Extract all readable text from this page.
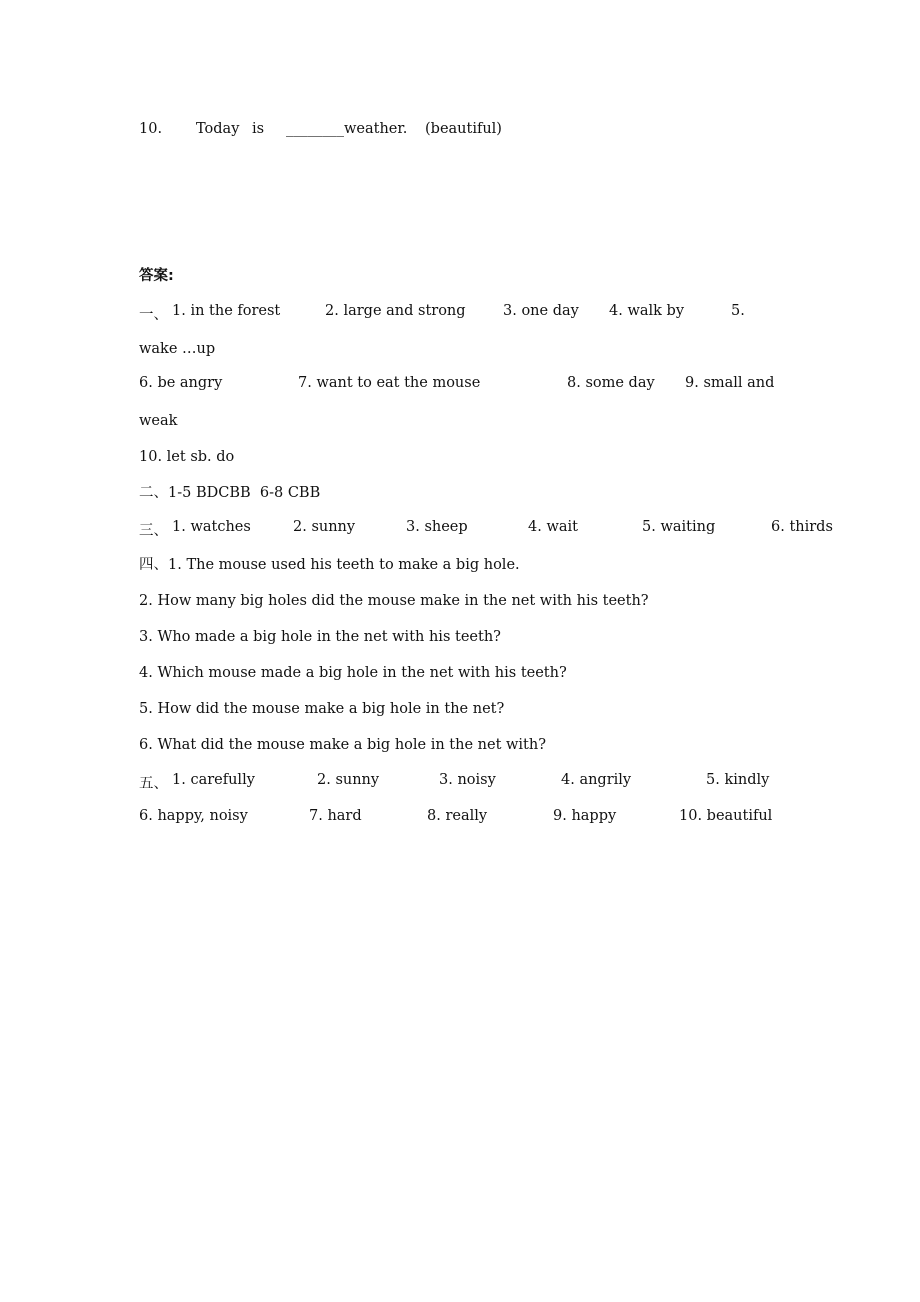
10. Today is ________weather. (beautiful)
答案:
一、 1. in the forest	2. large and strong	3. one day 4. walk by	5.
wake …up
6. be angry	7. want to eat the mouse	8. some day 9. small and
weak
10. let sb. do
二、1-5 BDCBB  6-8 CBB
三、 1. watches	2. sunny	3. sheep	4. wait	5. waiting	6. thirds
四、1. The mouse used his teeth to make a big hole.
2. How many big holes did the mouse make in the net with his teeth?
3. Who made a big hole in the net with his teeth?
4. Which mouse made a big hole in the net with his teeth?
5. How did the mouse make a big hole in the net?
6. What did the mouse make a big hole in the net with?
五、 1. carefully	2. sunny	3. noisy	4. angrily	5. kindly
6. happy, noisy	7. hard	8. really	9. happy	10. beautiful
